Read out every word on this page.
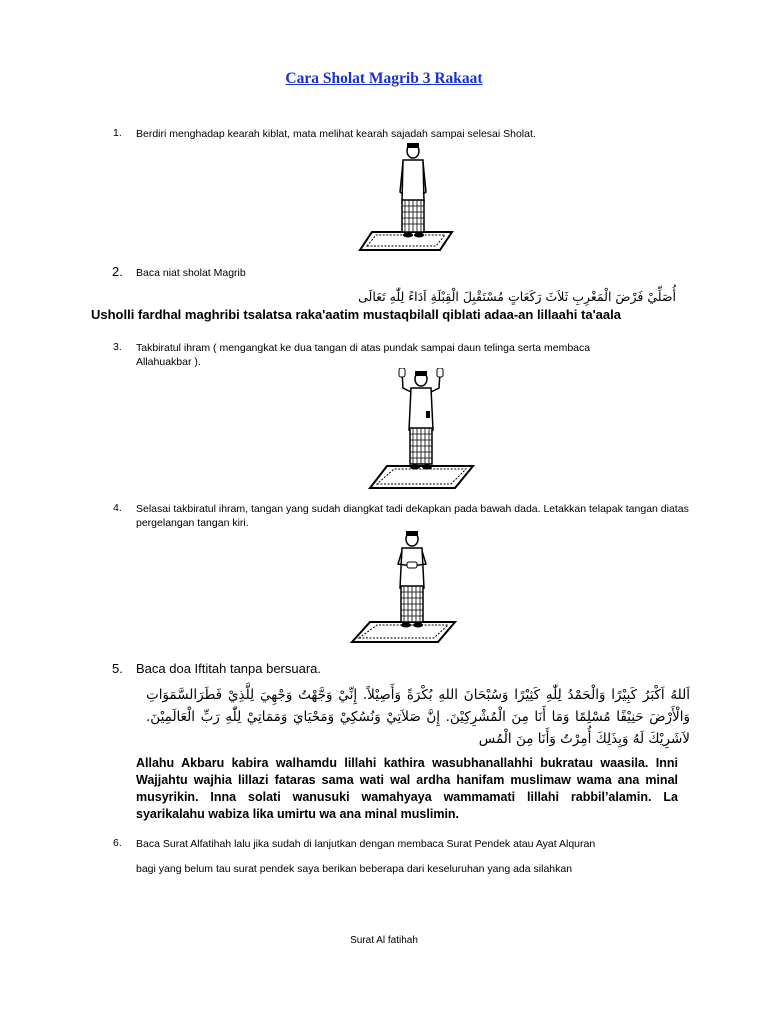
Cara Sholat Magrib 3 Rakaat
1. Berdiri menghadap kearah kiblat, mata melihat kearah sajadah sampai selesai Sholat.
2. Baca niat sholat Magrib
أُصَلِّيْ فَرْضَ الْمَغْرِبِ ثَلاَثَ رَكَعَاتٍ مُسْتَقْبِلَ الْقِبْلَةِ اَدَاءً لِلّٰهِ تَعَالَى
Usholli fardhal maghribi tsalatsa raka'aatim mustaqbilall qiblati adaa-an lillaahi ta'aala
3. Takbiratul ihram ( mengangkat ke dua tangan di atas pundak sampai daun telinga serta membaca Allahuakbar ).
4. Selasai takbiratul ihram, tangan yang sudah diangkat tadi dekapkan pada bawah dada. Letakkan telapak tangan diatas pergelangan tangan kiri.
5. Baca doa Iftitah tanpa bersuara.
اَللهُ اَكْبَرُ كَبِيْرًا وَالْحَمْدُ لِلّٰهِ كَثِيْرًا وَسُبْحَانَ اللهِ بُكْرَةً وَأَصِيْلاً. إِنِّيْ وَجَّهْتُ وَجْهِيَ لِلَّذِيْ فَطَرَالسَّمَوَاتِ وَالْأَرْضَ حَنِيْفًا مُسْلِمًا وَمَا أَنَا مِنَ الْمُشْرِكِيْنَ. إِنَّ صَلاَتِيْ وَنُسُكِيْ وَمَحْيَايَ وَمَمَاتِيْ لِلّٰهِ رَبِّ الْعَالَمِيْنَ. لاَشَرِيْكَ لَهُ وَبِذَلِكَ أُمِرْتُ وَأَنَا مِنَ الْمُس
Allahu Akbaru kabira walhamdu lillahi kathira wasubhanallahhi bukratau waasila. Inni Wajjahtu wajhia lillazi fataras sama wati wal ardha hanifam muslimaw wama ana minal musyrikin. Inna solati wanusuki wamahyaya wammamati lillahi rabbil’alamin. La syarikalahu wabiza lika umirtu wa ana minal muslimin.
6. Baca Surat Alfatihah lalu jika sudah di lanjutkan dengan membaca Surat Pendek atau Ayat Alquran
bagi yang belum tau surat pendek saya berikan beberapa dari keseluruhan yang ada silahkan
Surat Al fatihah
